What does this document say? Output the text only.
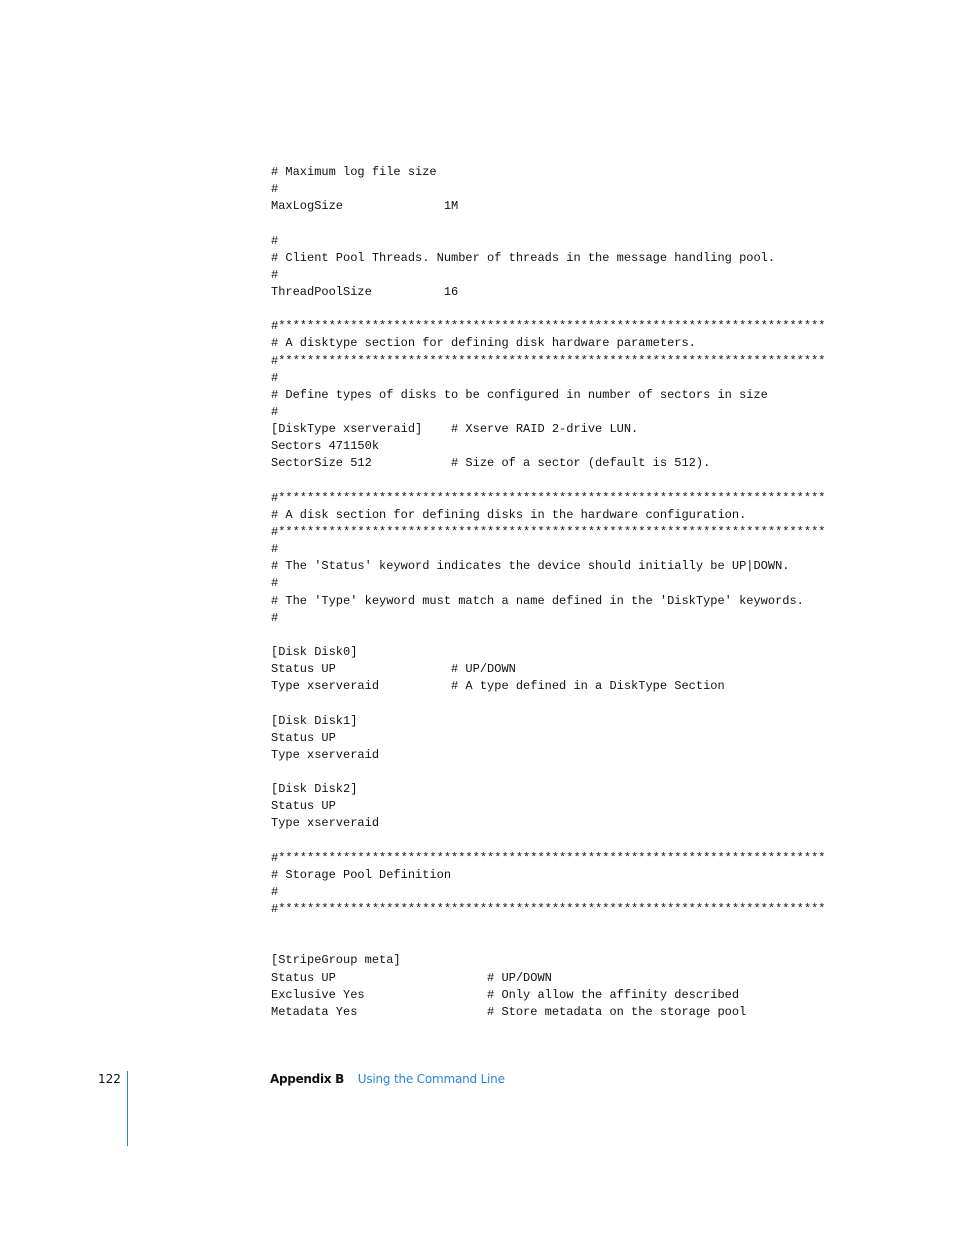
# Maximum log file size
#
MaxLogSize              1M
#
# Client Pool Threads. Number of threads in the message handling pool.
#
ThreadPoolSize          16
#****************************************************************************
# A disktype section for defining disk hardware parameters.
#****************************************************************************
#
# Define types of disks to be configured in number of sectors in size
#
[DiskType xserveraid]    # Xserve RAID 2-drive LUN.
Sectors 471150k
SectorSize 512           # Size of a sector (default is 512).
#****************************************************************************
# A disk section for defining disks in the hardware configuration.
#****************************************************************************
#
# The 'Status' keyword indicates the device should initially be UP|DOWN.
#
# The 'Type' keyword must match a name defined in the 'DiskType' keywords.
#
[Disk Disk0]
Status UP                # UP/DOWN
Type xserveraid          # A type defined in a DiskType Section
[Disk Disk1]
Status UP
Type xserveraid
[Disk Disk2]
Status UP
Type xserveraid
#****************************************************************************
# Storage Pool Definition
#
#****************************************************************************
[StripeGroup meta]
Status UP                     # UP/DOWN
Exclusive Yes                 # Only allow the affinity described
Metadata Yes                  # Store metadata on the storage pool
122	Appendix B Using the Command Line
